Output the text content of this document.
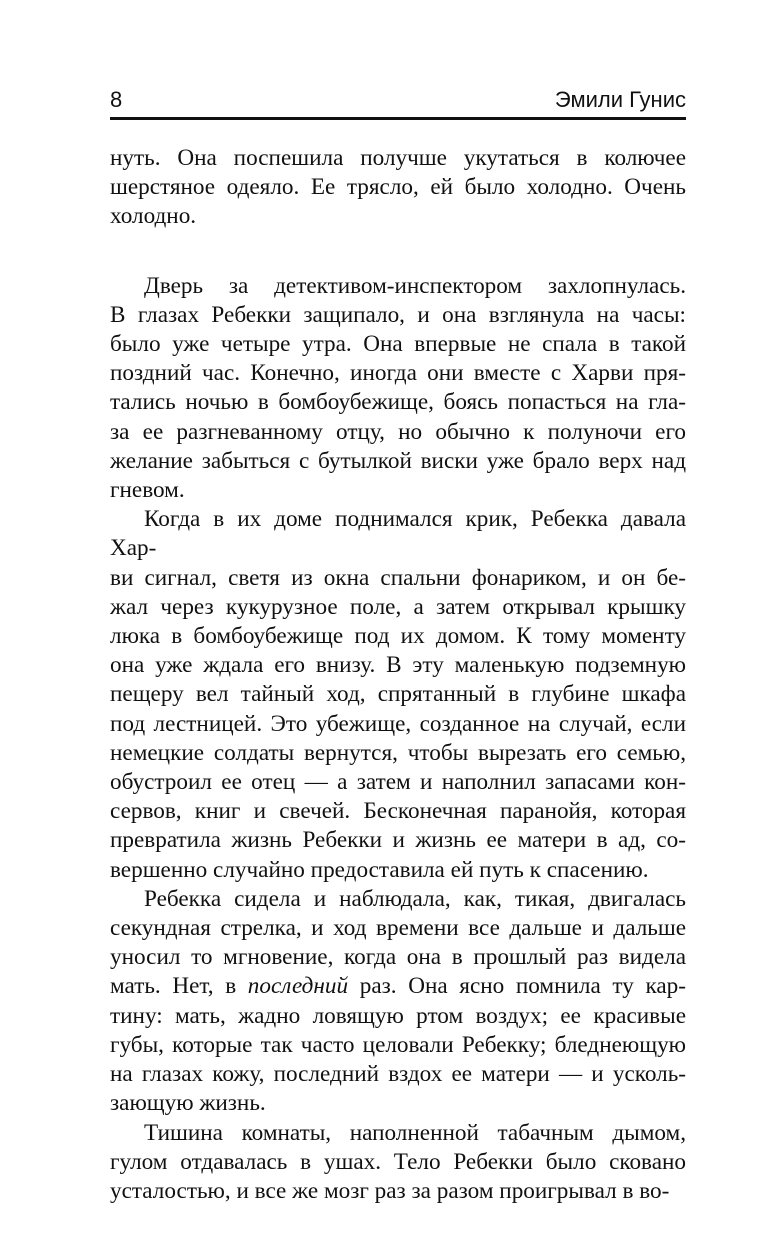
8	Эмили Гунис

нуть. Она поспешила получше укутаться в колючее
шерстяное одеяло. Ее трясло, ей было холодно. Очень
холодно.

Дверь за детективом-инспектором захлопнулась.
В глазах Ребекки защипало, и она взглянула на часы:
было уже четыре утра. Она впервые не спала в такой
поздний час. Конечно, иногда они вместе с Харви пря-
тались ночью в бомбоубежище, боясь попасться на гла-
за ее разгневанному отцу, но обычно к полуночи его
желание забыться с бутылкой виски уже брало верх над
гневом.

Когда в их доме поднимался крик, Ребекка давала Хар-
ви сигнал, светя из окна спальни фонариком, и он бе-
жал через кукурузное поле, а затем открывал крышку
люка в бомбоубежище под их домом. К тому моменту
она уже ждала его внизу. В эту маленькую подземную
пещеру вел тайный ход, спрятанный в глубине шкафа
под лестницей. Это убежище, созданное на случай, если
немецкие солдаты вернутся, чтобы вырезать его семью,
обустроил ее отец — а затем и наполнил запасами кон-
сервов, книг и свечей. Бесконечная паранойя, которая
превратила жизнь Ребекки и жизнь ее матери в ад, со-
вершенно случайно предоставила ей путь к спасению.

Ребекка сидела и наблюдала, как, тикая, двигалась
секундная стрелка, и ход времени все дальше и дальше
уносил то мгновение, когда она в прошлый раз видела
мать. Нет, в последний раз. Она ясно помнила ту кар-
тину: мать, жадно ловящую ртом воздух; ее красивые
губы, которые так часто целовали Ребекку; бледнеющую
на глазах кожу, последний вздох ее матери — и усколь-
зающую жизнь.

Тишина комнаты, наполненной табачным дымом,
гулом отдавалась в ушах. Тело Ребекки было сковано
усталостью, и все же мозг раз за разом проигрывал в во-
